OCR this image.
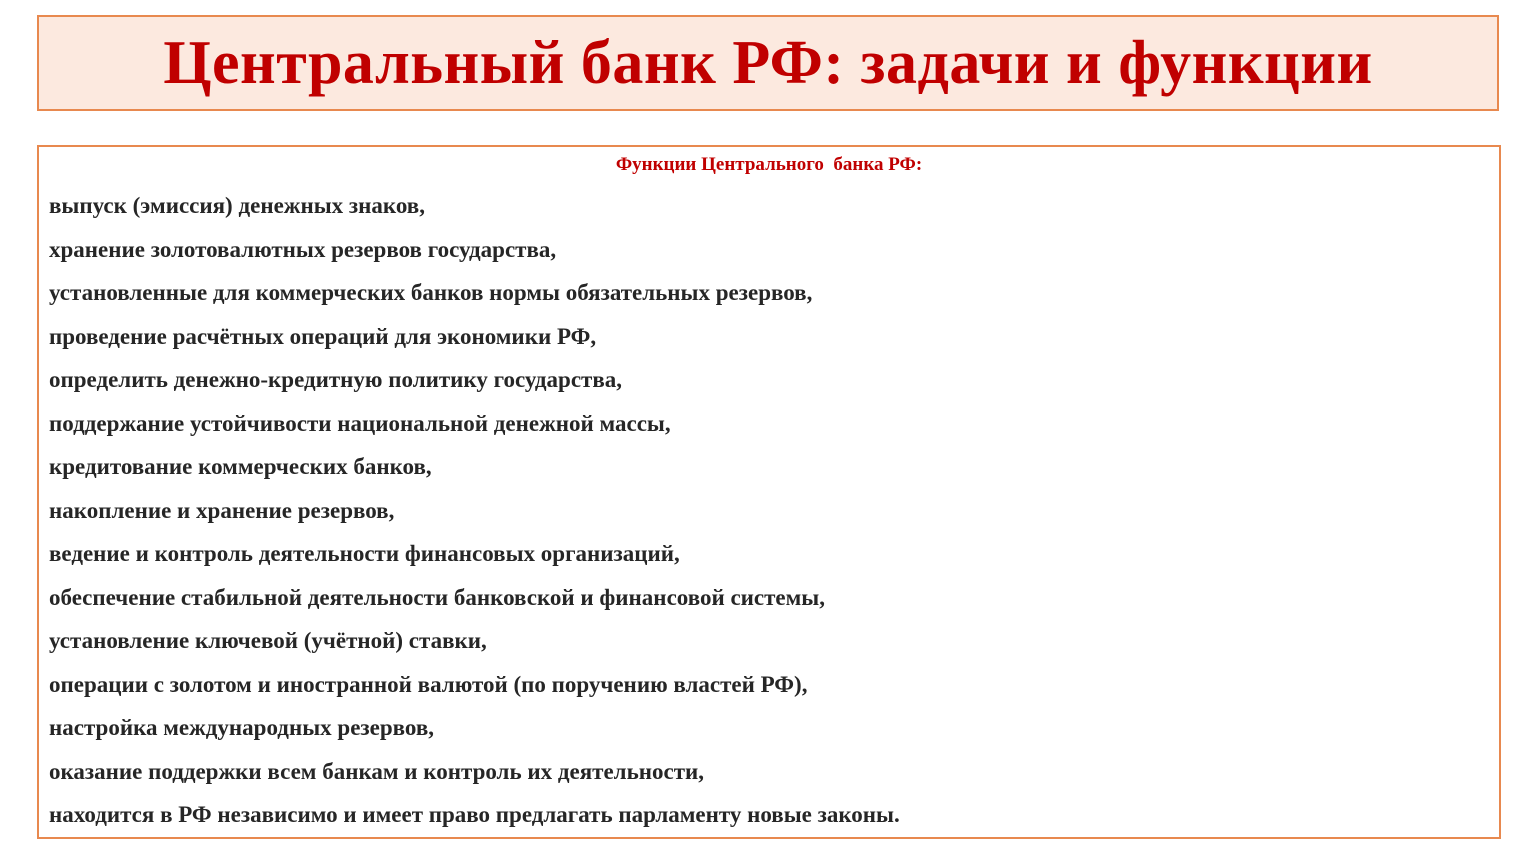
Центральный банк РФ: задачи и функции
Функции Центрального  банка РФ:
выпуск (эмиссия) денежных знаков,
хранение золотовалютных резервов государства,
установленные для коммерческих банков нормы обязательных резервов,
проведение расчётных операций для экономики РФ,
определить денежно-кредитную политику государства,
поддержание устойчивости национальной денежной массы,
кредитование коммерческих банков,
накопление и хранение резервов,
ведение и контроль деятельности финансовых организаций,
обеспечение стабильной деятельности банковской и финансовой системы,
установление ключевой (учётной) ставки,
операции с золотом и иностранной валютой (по поручению властей РФ),
настройка международных резервов,
оказание поддержки всем банкам и контроль их деятельности,
находится в РФ независимо и имеет право предлагать парламенту новые законы.
